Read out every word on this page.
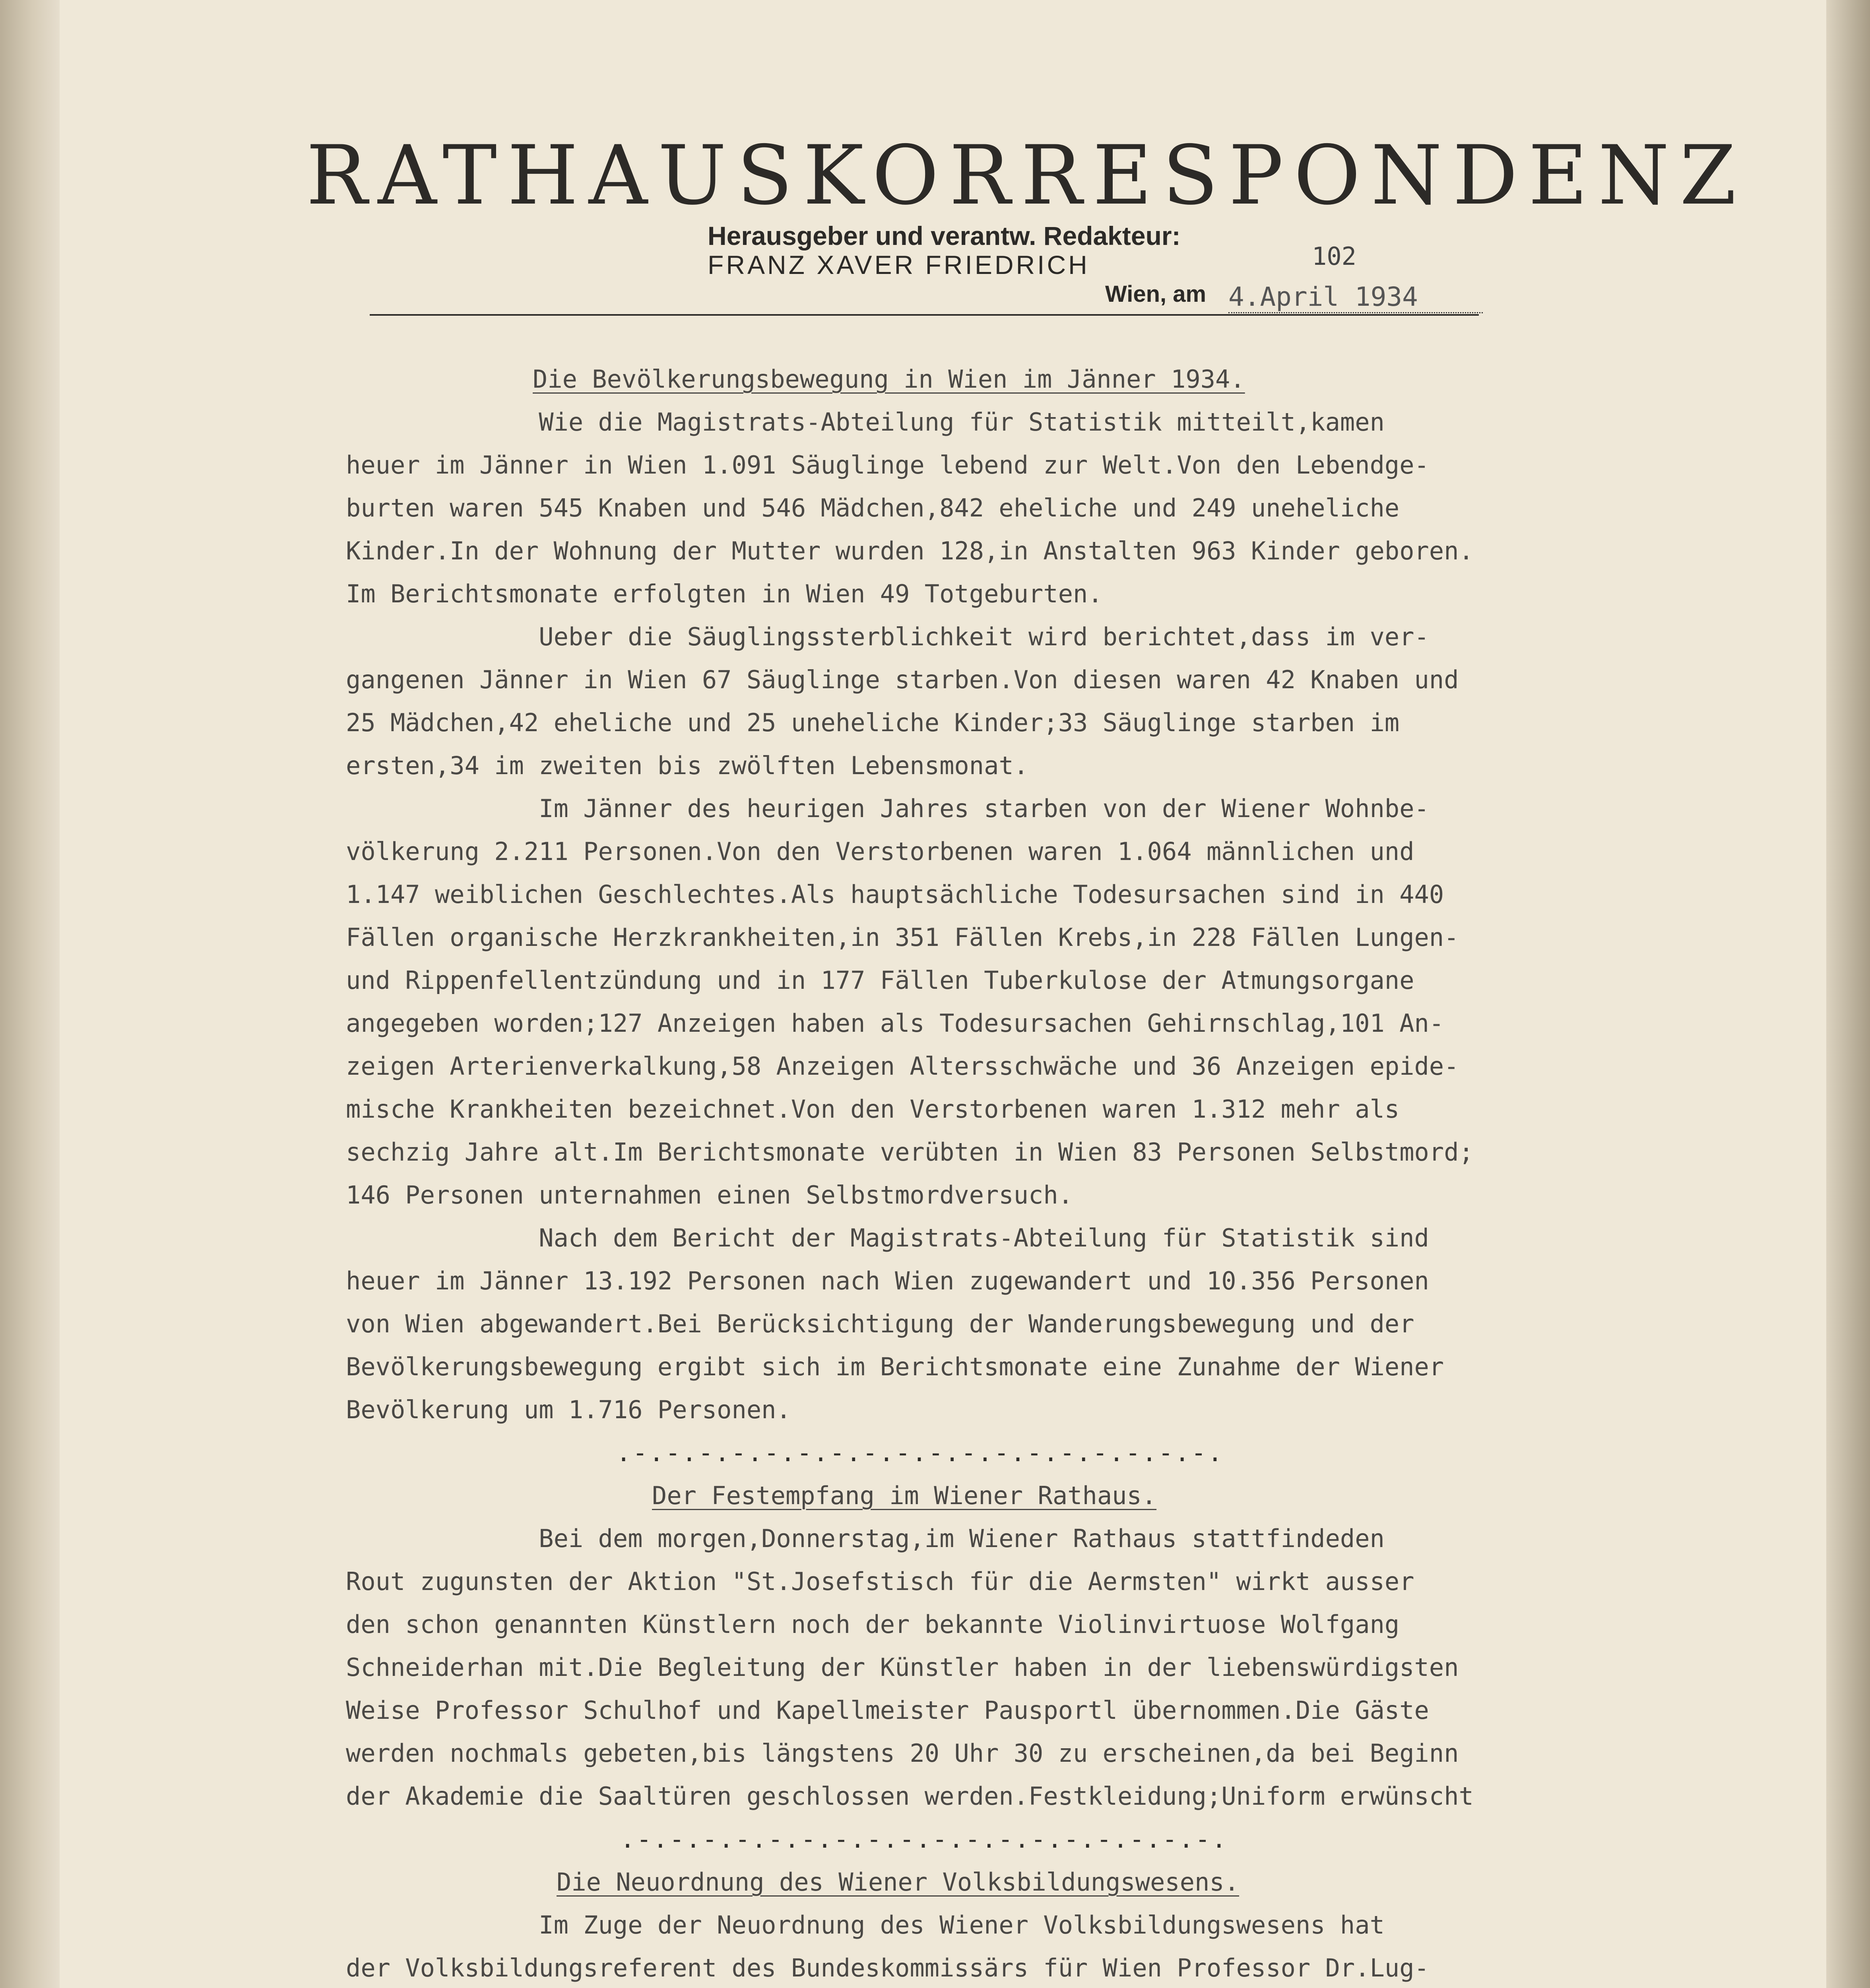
RATHAUSKORRESPONDENZ
Herausgeber und verantw. Redakteur:
FRANZ XAVER FRIEDRICH	102
Wien, am 4.April 1934
Die Bevölkerungsbewegung in Wien im Jänner 1934.
Wie die Magistrats-Abteilung für Statistik mitteilt,kamen
heuer im Jänner in Wien 1.091 Säuglinge lebend zur Welt.Von den Lebendge-
burten waren 545 Knaben und 546 Mädchen,842 eheliche und 249 uneheliche
Kinder.In der Wohnung der Mutter wurden 128,in Anstalten 963 Kinder geboren.
Im Berichtsmonate erfolgten in Wien 49 Totgeburten.
Ueber die Säuglingssterblichkeit wird berichtet,dass im ver-
gangenen Jänner in Wien 67 Säuglinge starben.Von diesen waren 42 Knaben und
25 Mädchen,42 eheliche und 25 uneheliche Kinder;33 Säuglinge starben im
ersten,34 im zweiten bis zwölften Lebensmonat.
Im Jänner des heurigen Jahres starben von der Wiener Wohnbe-
völkerung 2.211 Personen.Von den Verstorbenen waren 1.064 männlichen und
1.147 weiblichen Geschlechtes.Als hauptsächliche Todesursachen sind in 440
Fällen organische Herzkrankheiten,in 351 Fällen Krebs,in 228 Fällen Lungen-
und Rippenfellentzündung und in 177 Fällen Tuberkulose der Atmungsorgane
angegeben worden;127 Anzeigen haben als Todesursachen Gehirnschlag,101 An-
zeigen Arterienverkalkung,58 Anzeigen Altersschwäche und 36 Anzeigen epide-
mische Krankheiten bezeichnet.Von den Verstorbenen waren 1.312 mehr als
sechzig Jahre alt.Im Berichtsmonate verübten in Wien 83 Personen Selbstmord;
146 Personen unternahmen einen Selbstmordversuch.
Nach dem Bericht der Magistrats-Abteilung für Statistik sind
heuer im Jänner 13.192 Personen nach Wien zugewandert und 10.356 Personen
von Wien abgewandert.Bei Berücksichtigung der Wanderungsbewegung und der
Bevölkerungsbewegung ergibt sich im Berichtsmonate eine Zunahme der Wiener
Bevölkerung um 1.716 Personen.
.-.-.-.-.-.-.-.-.-.-.-.-.-.-.-.-.-.-.
Der Festempfang im Wiener Rathaus.
Bei dem morgen,Donnerstag,im Wiener Rathaus stattfindeden
Rout zugunsten der Aktion "St.Josefstisch für die Aermsten" wirkt ausser
den schon genannten Künstlern noch der bekannte Violinvirtuose Wolfgang
Schneiderhan mit.Die Begleitung der Künstler haben in der liebenswürdigsten
Weise Professor Schulhof und Kapellmeister Pausportl übernommen.Die Gäste
werden nochmals gebeten,bis längstens 20 Uhr 30 zu erscheinen,da bei Beginn
der Akademie die Saaltüren geschlossen werden.Festkleidung;Uniform erwünscht
.-.-.-.-.-.-.-.-.-.-.-.-.-.-.-.-.-.-.
Die Neuordnung des Wiener Volksbildungswesens.
Im Zuge der Neuordnung des Wiener Volksbildungswesens hat
der Volksbildungsreferent des Bundeskommissärs für Wien Professor Dr.Lug-
